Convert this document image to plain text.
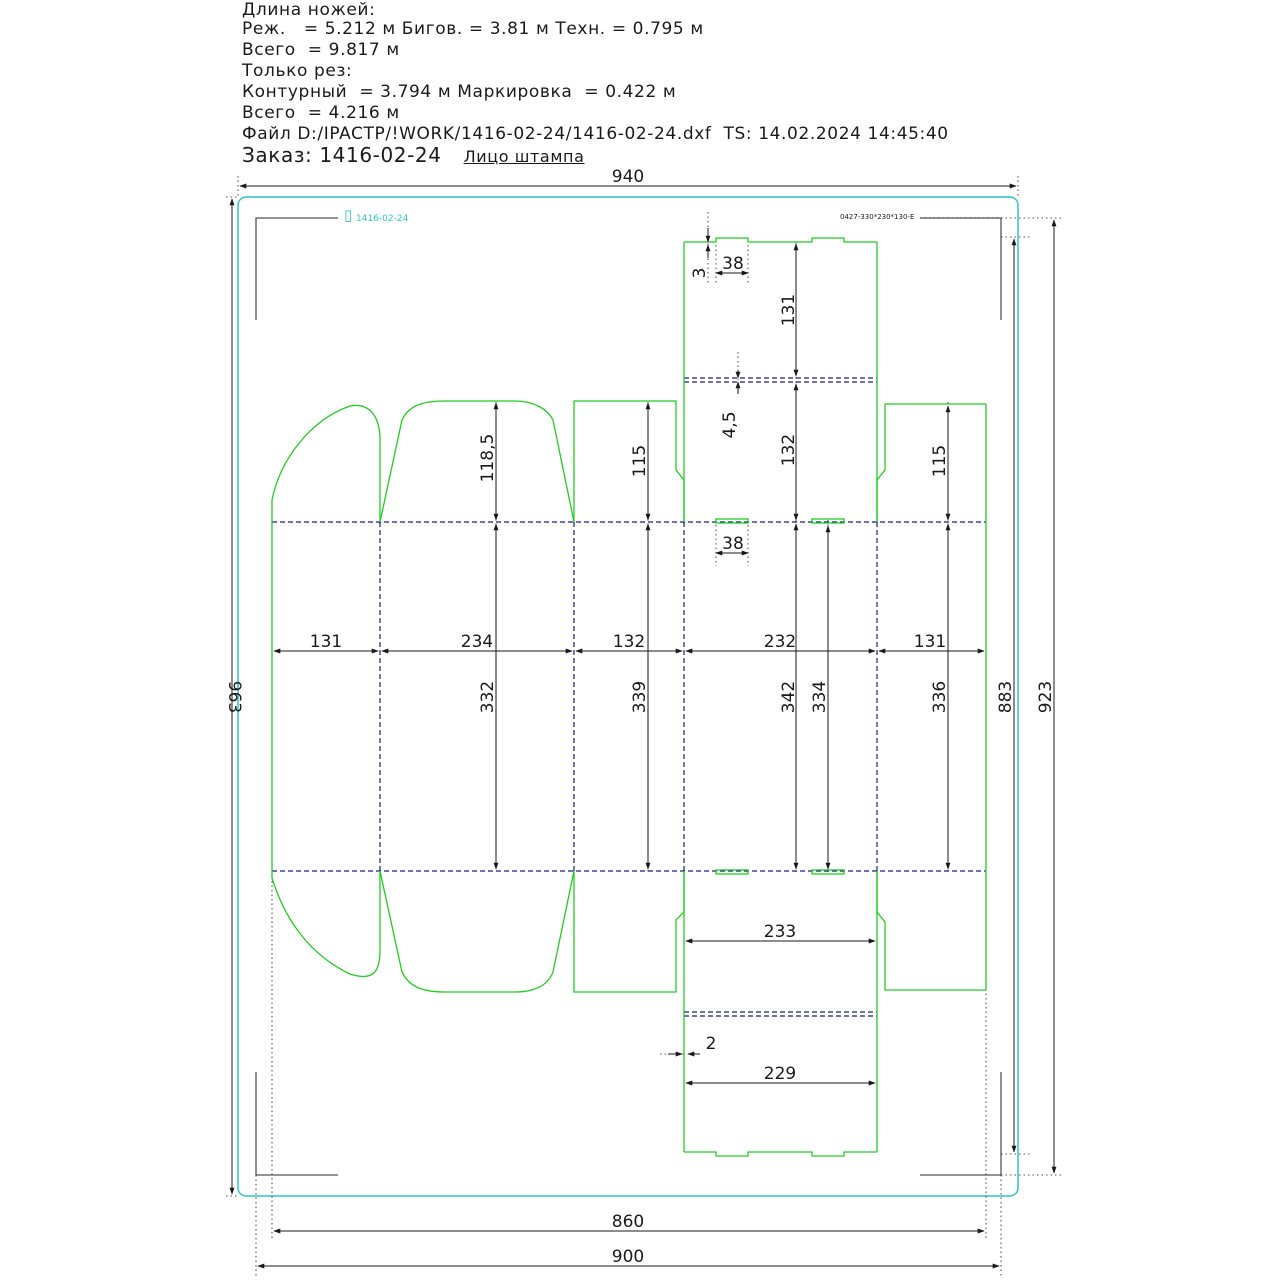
Длина ножей:
Реж.   = 5.212 м Бигов. = 3.81 м Техн. = 0.795 м
Всего  = 9.817 м
Только рез:
Контурный  = 3.794 м Маркировка  = 0.422 м
Всего  = 4.216 м
Файл D:/IPACTP/!WORK/1416-02-24/1416-02-24.dxf  TS: 14.02.2024 14:45:40
Заказ: 1416-02-24 Лицо штампа
▯ 1416-02-24	0427-330*230*130-E
940
963
860
900
883 923
3 38
38
131
4,5
132
118,5	115	115
131	234	132	232	131
332	339	342 334	336
233
2
229
